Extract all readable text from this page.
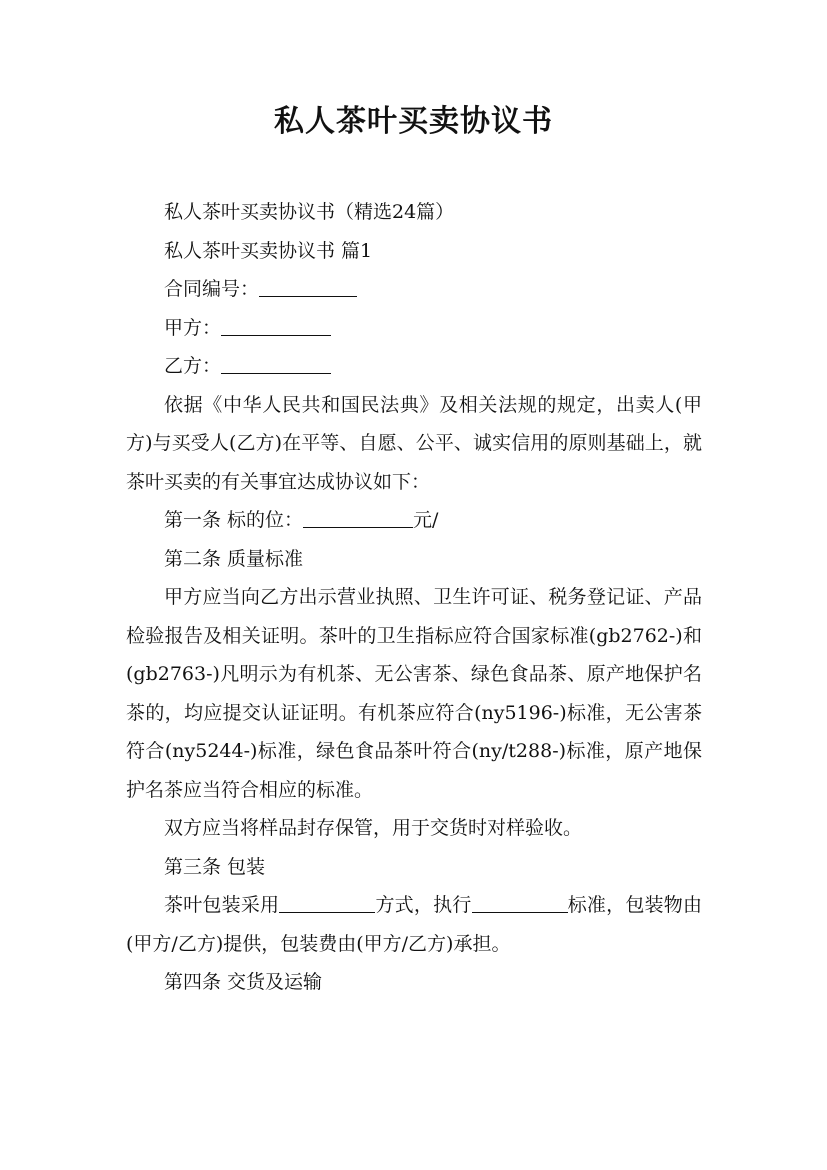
私人茶叶买卖协议书

私人茶叶买卖协议书（精选24篇）

私人茶叶买卖协议书 篇1

合同编号：

甲方：

乙方：

依据《中华人民共和国民法典》及相关法规的规定，出卖人(甲方)与买受人(乙方)在平等、自愿、公平、诚实信用的原则基础上，就茶叶买卖的有关事宜达成协议如下：

第一条 标的位：	元/

第二条 质量标准

甲方应当向乙方出示营业执照、卫生许可证、税务登记证、产品检验报告及相关证明。茶叶的卫生指标应符合国家标准(gb2762-)和(gb2763-)凡明示为有机茶、无公害茶、绿色食品茶、原产地保护名茶的，均应提交认证证明。有机茶应符合(ny5196-)标准，无公害茶符合(ny5244-)标准，绿色食品茶叶符合(ny/t288-)标准，原产地保护名茶应当符合相应的标准。

双方应当将样品封存保管，用于交货时对样验收。

第三条 包装

茶叶包装采用	方式，执行	标准，包装物由(甲方/乙方)提供，包装费由(甲方/乙方)承担。

第四条 交货及运输
